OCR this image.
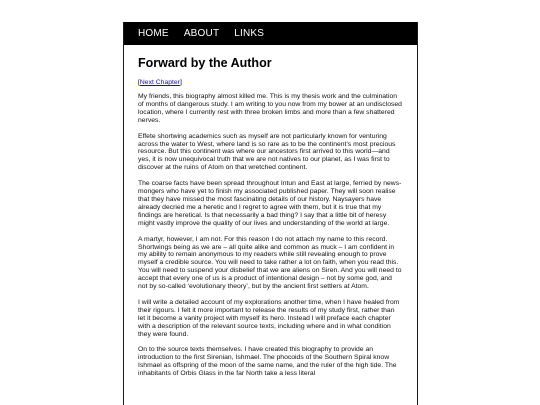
HOME ABOUT LINKS
Forward by the Author

[Next Chapter]

My friends, this biography almost killed me. This is my thesis work and the culmination of months of dangerous study. I am writing to you now from my bower at an undisclosed location, where I currently rest with three broken limbs and more than a few shattered nerves.

Effete shortwing academics such as myself are not particularly known for venturing across the water to West, where land is so rare as to be the continent’s most precious resource. But this continent was where our ancestors first arrived to this world—and yes, it is now unequivocal truth that we are not natives to our planet, as I was first to discover at the ruins of Atom on that wretched continent.

The coarse facts have been spread throughout Intun and East at large, ferried by news-mongers who have yet to finish my associated published paper. They will soon realise that they have missed the most fascinating details of our history. Naysayers have already decried me a heretic and I regret to agree with them, but it is true that my findings are heretical. Is that necessarily a bad thing? I say that a little bit of heresy might vastly improve the quality of our lives and understanding of the world at large.

A martyr, however, I am not. For this reason I do not attach my name to this record. Shortwings being as we are – all quite alike and common as muck – I am confident in my ability to remain anonymous to my readers while still revealing enough to prove myself a credible source. You will need to take rather a lot on faith, when you read this. You will need to suspend your disbelief that we are aliens on Siren. And you will need to accept that every one of us is a product of intentional design – not by some god, and not by so-called ‘evolutionary theory’, but by the ancient first settlers at Atom.

I will write a detailed account of my explorations another time, when I have healed from their rigours. I felt it more important to release the results of my study first, rather than let it become a vanity project with myself its hero. Instead I will preface each chapter with a description of the relevant source texts, including where and in what condition they were found.

On to the source texts themselves. I have created this biography to provide an introduction to the first Sirenian, Ishmael. The phocoids of the Southern Spiral know Ishmael as offspring of the moon of the same name, and the ruler of the high tide. The inhabitants of Orbis Glass in the far North take a less literal
